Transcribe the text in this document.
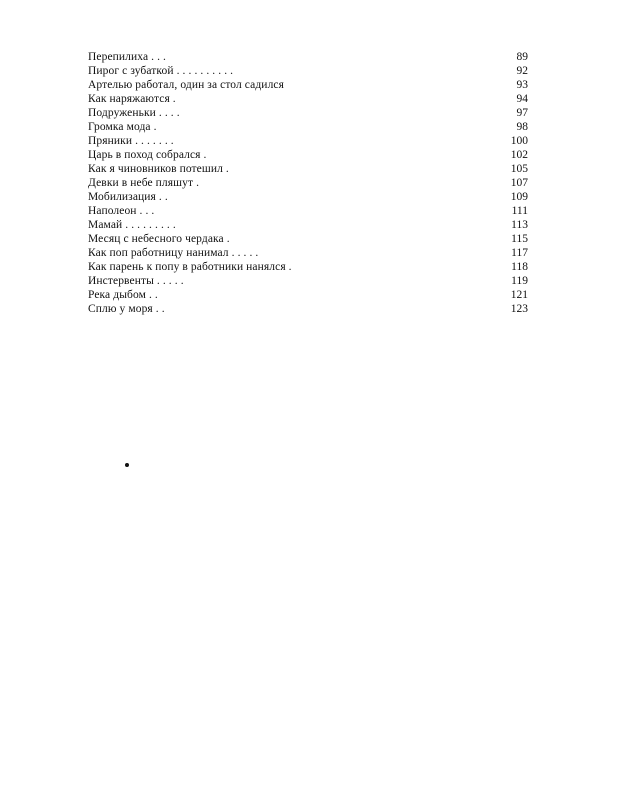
Перепилиха . . .	89
Пирог с зубаткой . . . . . . . . . .	92
Артелью работал, один за стол садился	93
Как наряжаются .	94
Подруженьки . . . .	97
Громка мода .	98
Пряники . . . . . . .	100
Царь в поход собрался .	102
Как я чиновников потешил .	105
Девки в небе пляшут .	107
Мобилизация . .	109
Наполеон . . .	111
Мамай . . . . . . . . .	113
Месяц с небесного чердака .	115
Как поп работницу нанимал . . . . .	117
Как парень к попу в работники нанялся .	118
Инстервенты . . . . .	119
Река дыбом . .	121
Сплю у моря . .	123
